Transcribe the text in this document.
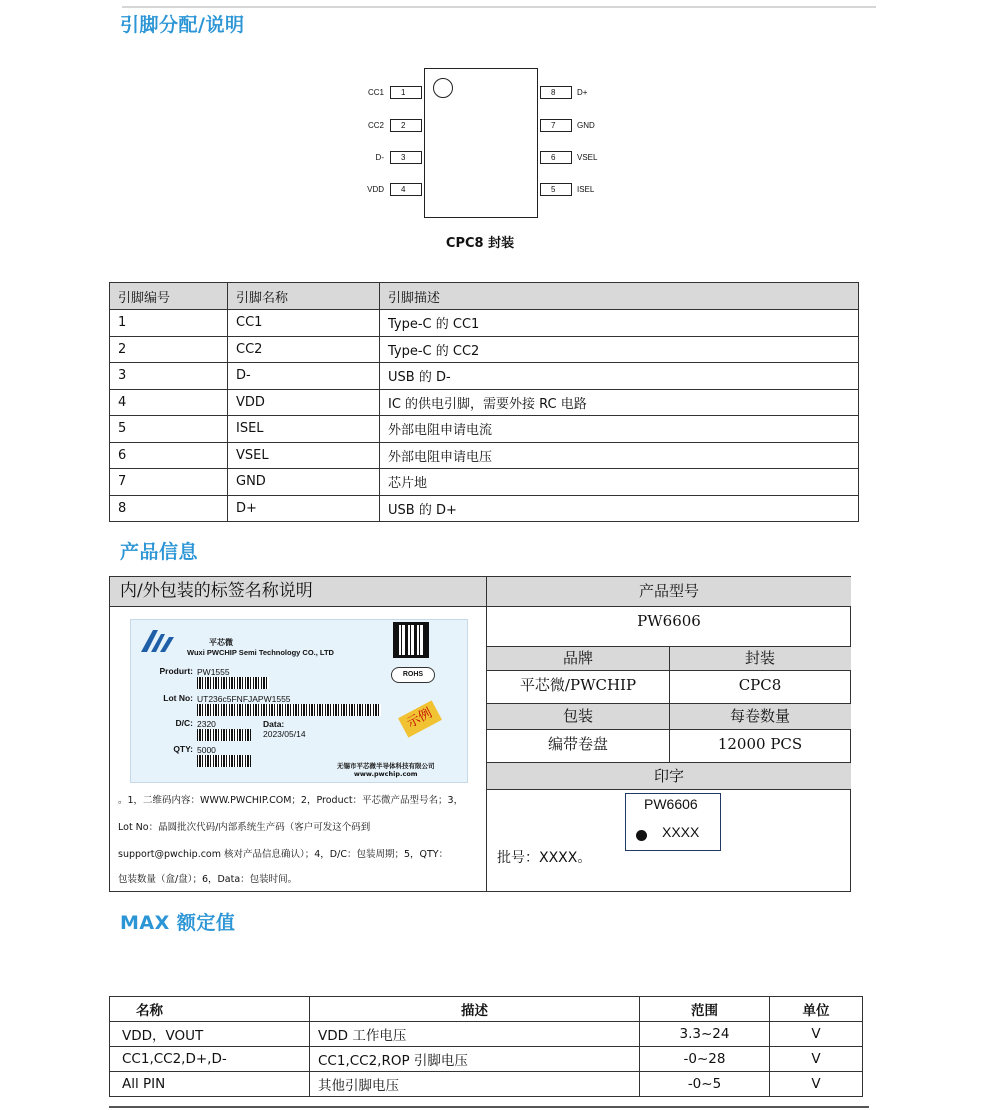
引脚分配/说明
CC1	1
CC2	2
D-	3
VDD	4
8	D+
7	GND
6	VSEL
5	ISEL
CPC8 封装
引脚编号	引脚名称	引脚描述
1	CC1	Type-C 的 CC1
2	CC2	Type-C 的 CC2
3	D-	USB 的 D-
4	VDD	IC 的供电引脚，需要外接 RC 电路
5	ISEL	外部电阻申请电流
6	VSEL	外部电阻申请电压
7	GND	芯片地
8	D+	USB 的 D+
产品信息
内/外包装的标签名称说明
平芯微
Wuxi PWCHIP Semi Technology CO., LTD
Produrt: PW1555	ROHS
Lot No: UT236c5FNFJAPW1555
示例
D/C: 2320	Data:
2023/05/14
QTY: 5000
无锡市平芯微半导体科技有限公司
www.pwchip.com
。1，二维码内容：WWW.PWCHIP.COM；2，Product：平芯微产品型号名；3，
Lot No：晶圆批次代码/内部系统生产码（客户可发这个码到
support@pwchip.com 核对产品信息确认）；4，D/C：包装周期；5，QTY：
包装数量（盒/盘）；6，Data：包装时间。
产品型号
PW6606
品牌	封装
平芯微/PWCHIP	CPC8
包装	每卷数量
编带卷盘	12000 PCS
印字
PW6606
XXXX
批号：XXXX。
MAX 额定值
名称	描述	范围	单位
VDD，VOUT	VDD 工作电压	3.3~24	V
CC1,CC2,D+,D-	CC1,CC2,ROP 引脚电压	-0~28	V
All PIN	其他引脚电压	-0~5	V
